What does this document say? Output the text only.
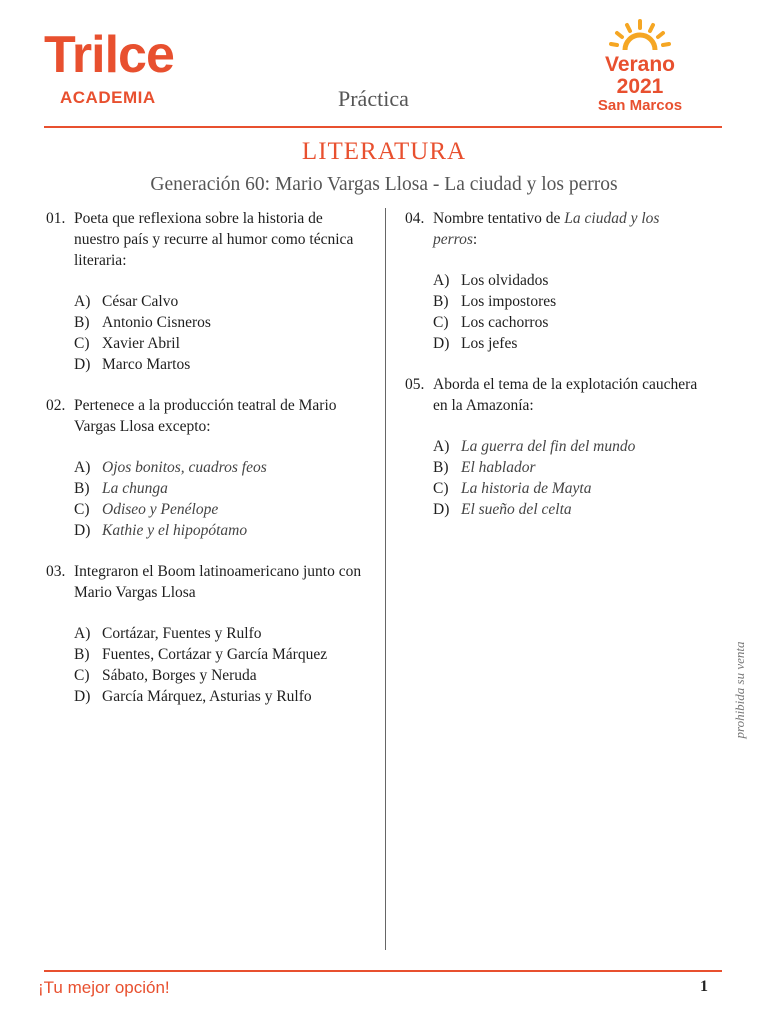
Trilce
ACADEMIA	Práctica
Verano 2021
San Marcos
LITERATURA
Generación 60: Mario Vargas Llosa - La ciudad y los perros
01. Poeta que reflexiona sobre la historia de nuestro país y recurre al humor como técnica literaria:
A) César Calvo
B) Antonio Cisneros
C) Xavier Abril
D) Marco Martos
02. Pertenece a la producción teatral de Mario Vargas Llosa excepto:
A) Ojos bonitos, cuadros feos
B) La chunga
C) Odiseo y Penélope
D) Kathie y el hipopótamo
03. Integraron el Boom latinoamericano junto con Mario Vargas Llosa
A) Cortázar, Fuentes y Rulfo
B) Fuentes, Cortázar y García Márquez
C) Sábato, Borges y Neruda
D) García Márquez, Asturias y Rulfo
04. Nombre tentativo de La ciudad y los perros:
A) Los olvidados
B) Los impostores
C) Los cachorros
D) Los jefes
05. Aborda el tema de la explotación cauchera en la Amazonía:
A) La guerra del fin del mundo
B) El hablador
C) La historia de Mayta
D) El sueño del celta
prohibida su venta
¡Tu mejor opción!	1
